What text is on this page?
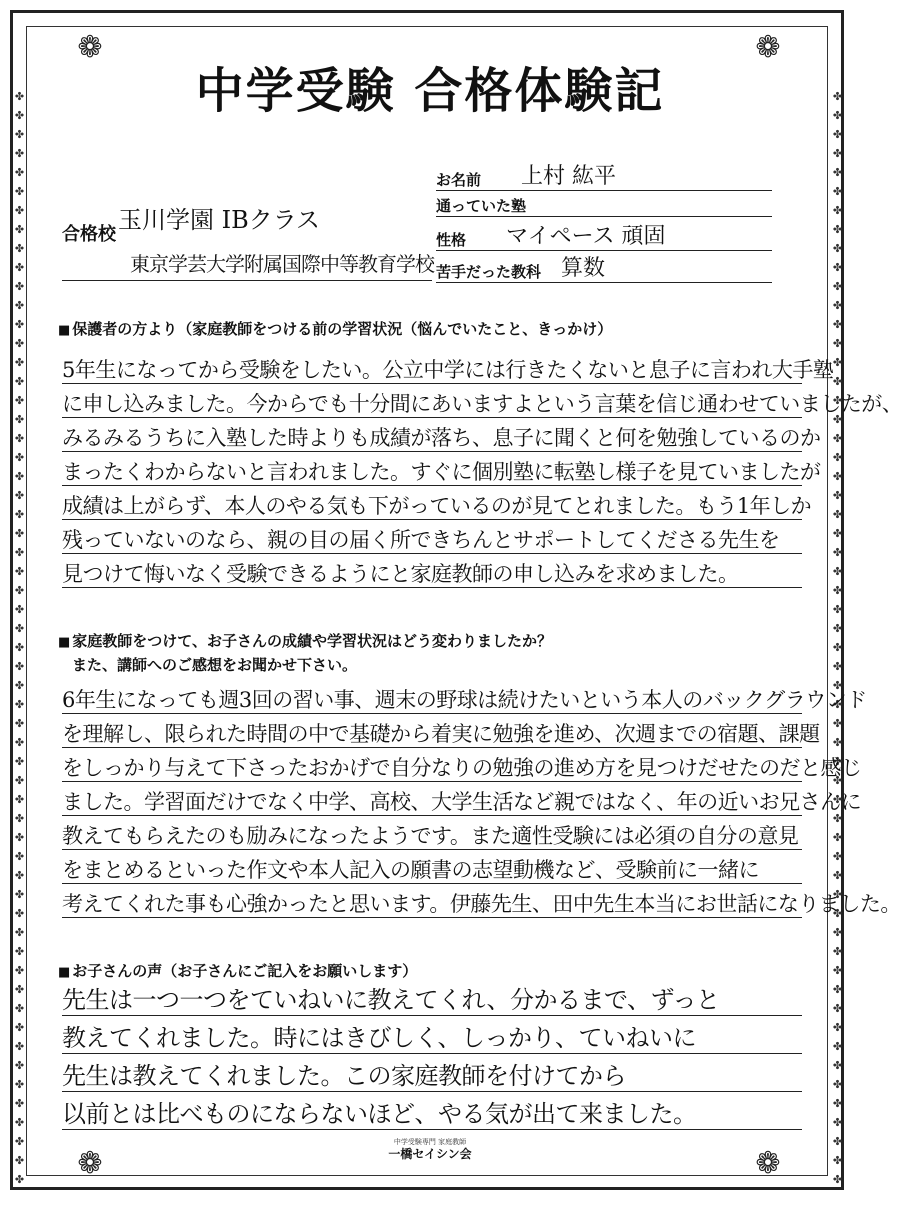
❁	❁
❁	❁
✤✤✤✤✤✤✤✤✤✤✤✤✤✤✤✤✤✤✤✤✤✤✤✤✤✤✤✤✤✤✤✤✤✤✤✤✤✤✤✤✤✤✤✤✤✤✤✤✤✤✤✤✤✤✤✤✤✤	✤✤✤✤✤✤✤✤✤✤✤✤✤✤✤✤✤✤✤✤✤✤✤✤✤✤✤✤✤✤✤✤✤✤✤✤✤✤✤✤✤✤✤✤✤✤✤✤✤✤✤✤✤✤✤✤✤✤
中学受験 合格体験記
お名前 上村 紘平
通っていた塾
性格 マイペース 頑固
苦手だった教科 算数
合格校
玉川学園 IBクラス
東京学芸大学附属国際中等教育学校
■ 保護者の方より（家庭教師をつける前の学習状況（悩んでいたこと、きっかけ）
5年生になってから受験をしたい。公立中学には行きたくないと息子に言われ大手塾
に申し込みました。今からでも十分間にあいますよという言葉を信じ通わせていましたが、
みるみるうちに入塾した時よりも成績が落ち、息子に聞くと何を勉強しているのか
まったくわからないと言われました。すぐに個別塾に転塾し様子を見ていましたが
成績は上がらず、本人のやる気も下がっているのが見てとれました。もう1年しか
残っていないのなら、親の目の届く所できちんとサポートしてくださる先生を
見つけて悔いなく受験できるようにと家庭教師の申し込みを求めました。
■ 家庭教師をつけて、お子さんの成績や学習状況はどう変わりましたか？
また、講師へのご感想をお聞かせ下さい。
6年生になっても週3回の習い事、週末の野球は続けたいという本人のバックグラウンド
を理解し、限られた時間の中で基礎から着実に勉強を進め、次週までの宿題、課題
をしっかり与えて下さったおかげで自分なりの勉強の進め方を見つけだせたのだと感じ
ました。学習面だけでなく中学、高校、大学生活など親ではなく、年の近いお兄さんに
教えてもらえたのも励みになったようです。また適性受験には必須の自分の意見
をまとめるといった作文や本人記入の願書の志望動機など、受験前に一緒に
考えてくれた事も心強かったと思います。伊藤先生、田中先生本当にお世話になりました。
■ お子さんの声（お子さんにご記入をお願いします）
先生は一つ一つをていねいに教えてくれ、分かるまで、ずっと
教えてくれました。時にはきびしく、しっかり、ていねいに
先生は教えてくれました。この家庭教師を付けてから
以前とは比べものにならないほど、やる気が出て来ました。
中学受験専門 家庭教師
一橋セイシン会
